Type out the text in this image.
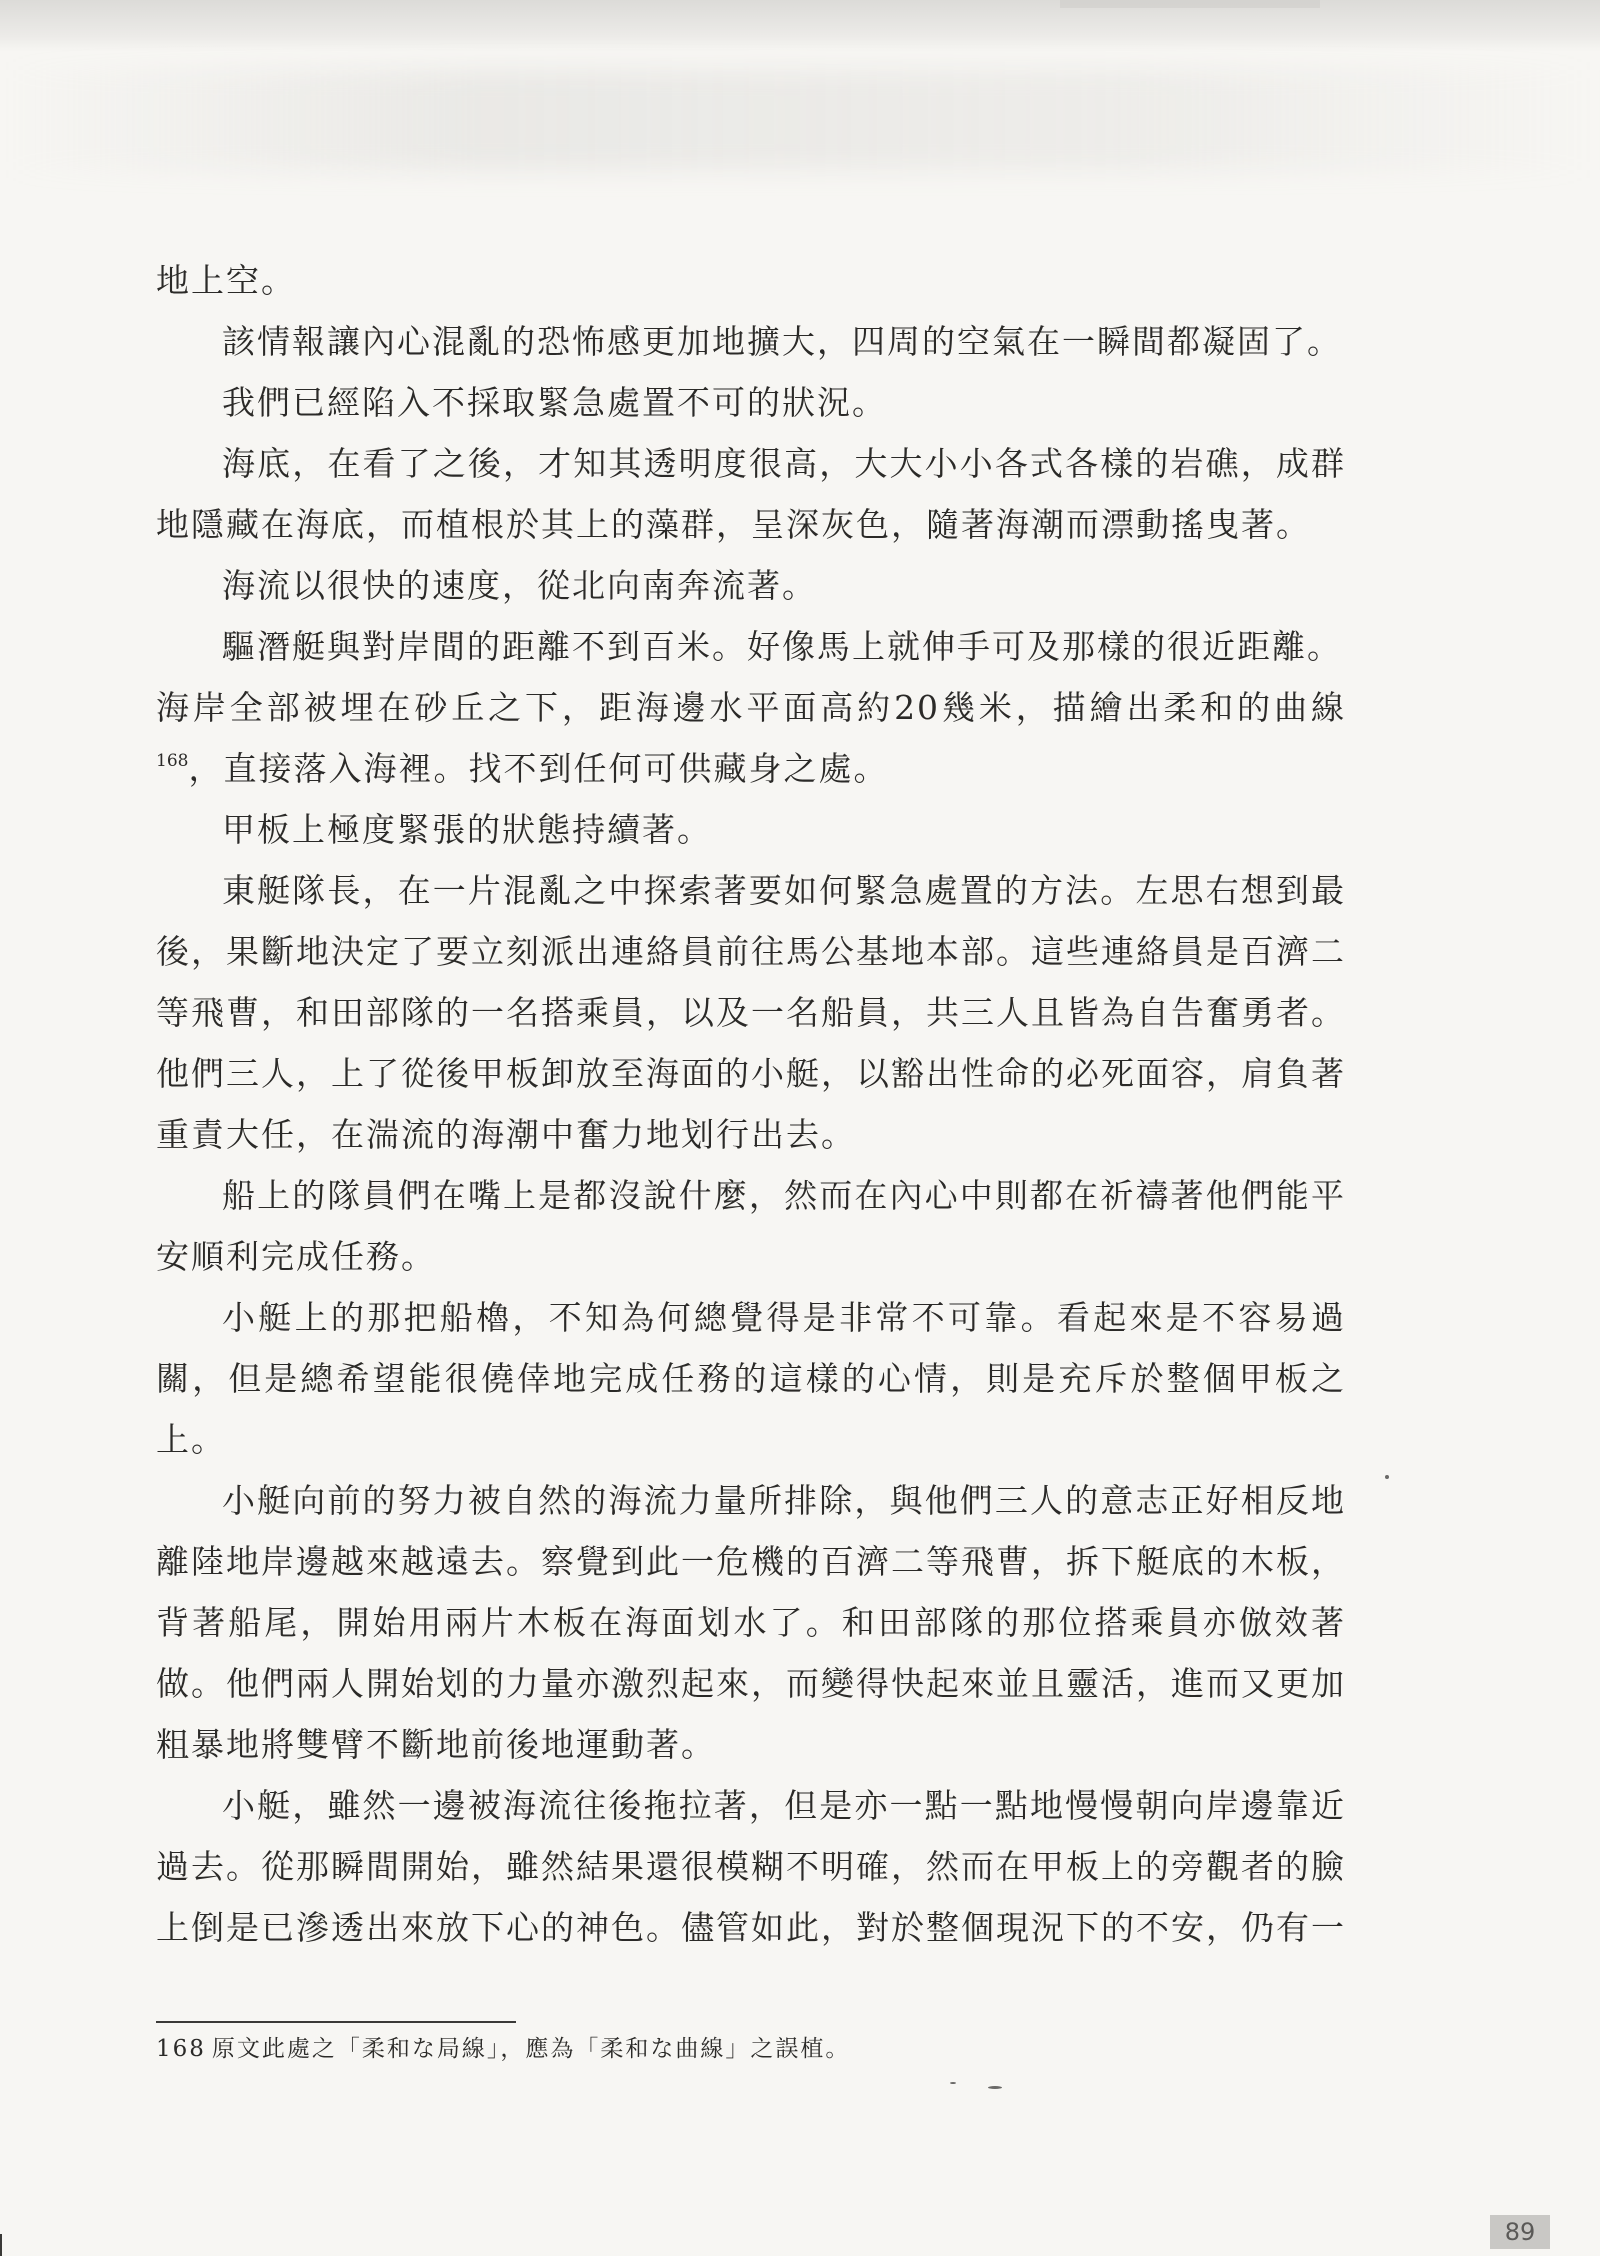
地上空。

該情報讓內心混亂的恐怖感更加地擴大，四周的空氣在一瞬間都凝固了。

我們已經陷入不採取緊急處置不可的狀況。

海底，在看了之後，才知其透明度很高，大大小小各式各樣的岩礁，成群地隱藏在海底，而植根於其上的藻群，呈深灰色，隨著海潮而漂動搖曳著。

海流以很快的速度，從北向南奔流著。

驅潛艇與對岸間的距離不到百米。好像馬上就伸手可及那樣的很近距離。

海岸全部被埋在砂丘之下，距海邊水平面高約20幾米，描繪出柔和的曲線$^{168}$，直接落入海裡。找不到任何可供藏身之處。

甲板上極度緊張的狀態持續著。

東艇隊長，在一片混亂之中探索著要如何緊急處置的方法。左思右想到最後，果斷地決定了要立刻派出連絡員前往馬公基地本部。這些連絡員是百濟二等飛曹，和田部隊的一名搭乘員，以及一名船員，共三人且皆為自告奮勇者。他們三人，上了從後甲板卸放至海面的小艇，以豁出性命的必死面容，肩負著重責大任，在湍流的海潮中奮力地划行出去。

船上的隊員們在嘴上是都沒說什麼，然而在內心中則都在祈禱著他們能平安順利完成任務。

小艇上的那把船櫓，不知為何總覺得是非常不可靠。看起來是不容易過關，但是總希望能很僥倖地完成任務的這樣的心情，則是充斥於整個甲板之上。

小艇向前的努力被自然的海流力量所排除，與他們三人的意志正好相反地離陸地岸邊越來越遠去。察覺到此一危機的百濟二等飛曹，拆下艇底的木板，背著船尾，開始用兩片木板在海面划水了。和田部隊的那位搭乘員亦倣效著做。他們兩人開始划的力量亦激烈起來，而變得快起來並且靈活，進而又更加粗暴地將雙臂不斷地前後地運動著。

小艇，雖然一邊被海流往後拖拉著，但是亦一點一點地慢慢朝向岸邊靠近過去。從那瞬間開始，雖然結果還很模糊不明確，然而在甲板上的旁觀者的臉上倒是已滲透出來放下心的神色。儘管如此，對於整個現況下的不安，仍有一

168 原文此處之「柔和な局線」，應為「柔和な曲線」之誤植。
89
